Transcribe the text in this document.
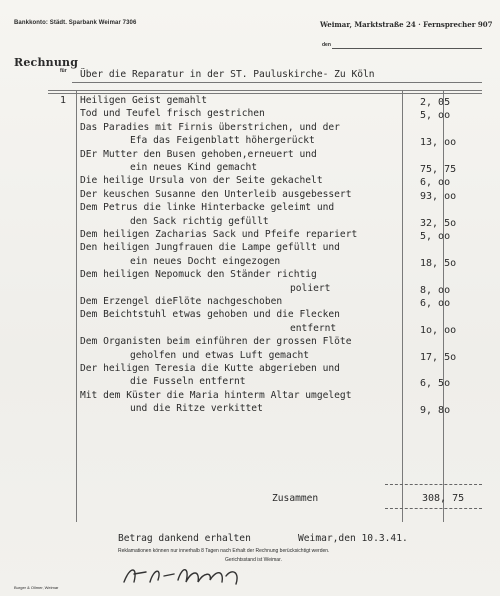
Bankkonto: Städt. Sparbank Weimar 7306	Weimar, Marktstraße 24 · Fernsprecher 907
den
Rechnung
für Über die Reparatur in der ST. Pauluskirche- Zu Köln
1 Heiligen Geist gemahlt	2, 05
Tod und Teufel frisch gestrichen	5, oo
Das Paradies mit Firnis überstrichen, und der
Efa das Feigenblatt höhergerückt	13, oo
DEr Mutter den Busen gehoben,erneuert und
ein neues Kind gemacht	75, 75
Die heilige Ursula von der Seite gekachelt	6, oo
Der keuschen Susanne den Unterleib ausgebessert	93, oo
Dem Petrus die linke Hinterbacke geleimt und
den Sack richtig gefüllt	32, 5o
Dem heiligen Zacharias Sack und Pfeife repariert	5, oo
Den heiligen Jungfrauen die Lampe gefüllt und
ein neues Docht eingezogen	18, 5o
Dem heiligen Nepomuck den Ständer richtig
poliert	8, oo
Dem Erzengel dieFlöte nachgeschoben	6, oo
Dem Beichtstuhl etwas gehoben und die Flecken
entfernt	1o, oo
Dem Organisten beim einführen der grossen Flöte
geholfen und etwas Luft gemacht	17, 5o
Der heiligen Teresia die Kutte abgerieben und
die Fusseln entfernt	6, 5o
Mit dem Küster die Maria hinterm Altar umgelegt
und die Ritze verkittet	9, 8o
Zusammen	308, 75
Betrag dankend erhalten	Weimar,den 10.3.41.
Reklamationen können nur innerhalb 8 Tagen nach Erhalt der Rechnung berücksichtigt werden.
Gerichtsstand ist Weimar.
Burger & Ollmer, Weimar
